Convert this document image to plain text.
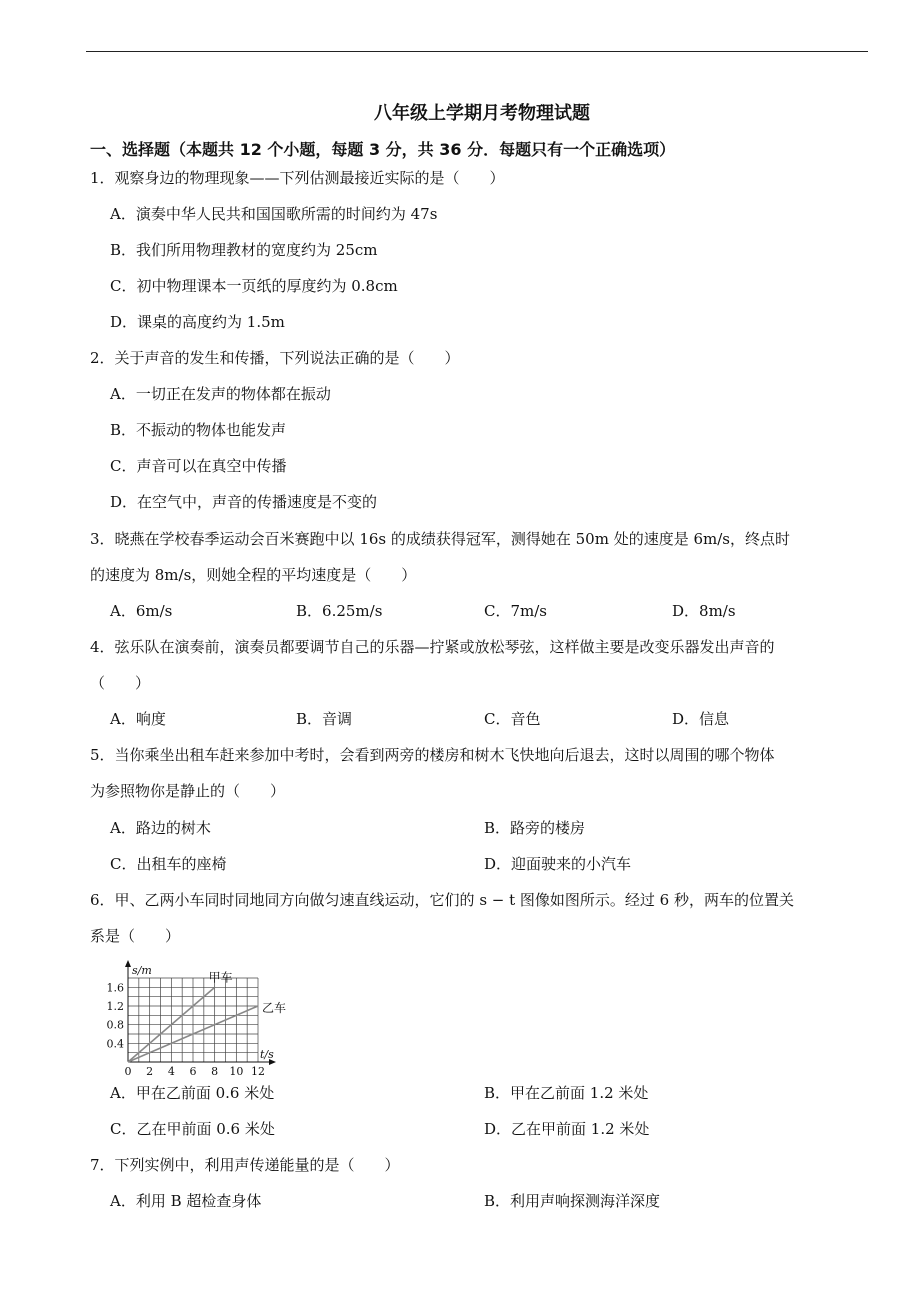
八年级上学期月考物理试题
一、选择题（本题共 12 个小题，每题 3 分，共 36 分．每题只有一个正确选项）
1．观察身边的物理现象——下列估测最接近实际的是（　　）
A．演奏中华人民共和国国歌所需的时间约为 47s
B．我们所用物理教材的宽度约为 25cm
C．初中物理课本一页纸的厚度约为 0.8cm
D．课桌的高度约为 1.5m
2．关于声音的发生和传播，下列说法正确的是（　　）
A．一切正在发声的物体都在振动
B．不振动的物体也能发声
C．声音可以在真空中传播
D．在空气中，声音的传播速度是不变的
3．晓燕在学校春季运动会百米赛跑中以 16s 的成绩获得冠军，测得她在 50m 处的速度是 6m/s，终点时
的速度为 8m/s，则她全程的平均速度是（　　）
A．6m/s	B．6.25m/s	C．7m/s	D．8m/s
4．弦乐队在演奏前，演奏员都要调节自己的乐器—拧紧或放松琴弦，这样做主要是改变乐器发出声音的
（　　）
A．响度	B．音调	C．音色	D．信息
5．当你乘坐出租车赶来参加中考时，会看到两旁的楼房和树木飞快地向后退去，这时以周围的哪个物体
为参照物你是静止的（　　）
A．路边的树木	B．路旁的楼房
C．出租车的座椅	D．迎面驶来的小汽车
6．甲、乙两小车同时同地同方向做匀速直线运动，它们的 s − t 图像如图所示。经过 6 秒，两车的位置关
系是（　　）
甲车
乙车
0 2 4 6 8 10 12
0.4
0.8
1.2
1.6
t/s
s/m
A．甲在乙前面 0.6 米处	B．甲在乙前面 1.2 米处
C．乙在甲前面 0.6 米处	D．乙在甲前面 1.2 米处
7．下列实例中，利用声传递能量的是（　　）
A．利用 B 超检查身体	B．利用声响探测海洋深度
